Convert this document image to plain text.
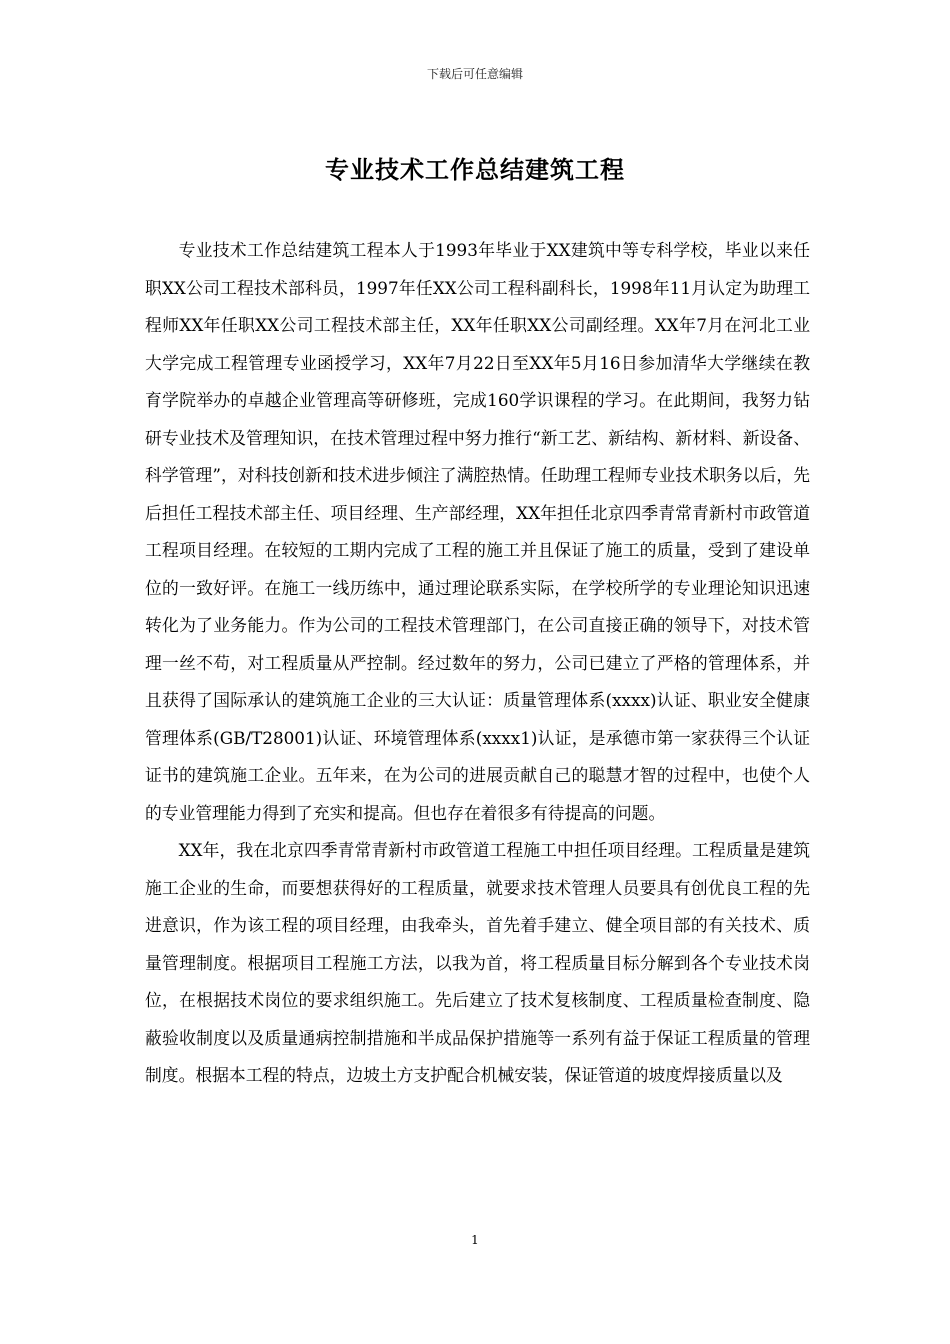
下载后可任意编辑
专业技术工作总结建筑工程

专业技术工作总结建筑工程本人于1993年毕业于XX建筑中等专科学校，毕业以来任职XX公司工程技术部科员，1997年任XX公司工程科副科长，1998年11月认定为助理工程师XX年任职XX公司工程技术部主任，XX年任职XX公司副经理。XX年7月在河北工业大学完成工程管理专业函授学习，XX年7月22日至XX年5月16日参加清华大学继续在教育学院举办的卓越企业管理高等研修班，完成160学识课程的学习。在此期间，我努力钻研专业技术及管理知识，在技术管理过程中努力推行“新工艺、新结构、新材料、新设备、科学管理”，对科技创新和技术进步倾注了满腔热情。任助理工程师专业技术职务以后，先后担任工程技术部主任、项目经理、生产部经理，XX年担任北京四季青常青新村市政管道工程项目经理。在较短的工期内完成了工程的施工并且保证了施工的质量，受到了建设单位的一致好评。在施工一线历练中，通过理论联系实际，在学校所学的专业理论知识迅速转化为了业务能力。作为公司的工程技术管理部门，在公司直接正确的领导下，对技术管理一丝不苟，对工程质量从严控制。经过数年的努力，公司已建立了严格的管理体系，并且获得了国际承认的建筑施工企业的三大认证：质量管理体系(xxxx)认证、职业安全健康管理体系(GB/T28001)认证、环境管理体系(xxxx1)认证，是承德市第一家获得三个认证证书的建筑施工企业。五年来，在为公司的进展贡献自己的聪慧才智的过程中，也使个人的专业管理能力得到了充实和提高。但也存在着很多有待提高的问题。

XX年，我在北京四季青常青新村市政管道工程施工中担任项目经理。工程质量是建筑施工企业的生命，而要想获得好的工程质量，就要求技术管理人员要具有创优良工程的先进意识，作为该工程的项目经理，由我牵头，首先着手建立、健全项目部的有关技术、质量管理制度。根据项目工程施工方法，以我为首，将工程质量目标分解到各个专业技术岗位，在根据技术岗位的要求组织施工。先后建立了技术复核制度、工程质量检查制度、隐蔽验收制度以及质量通病控制措施和半成品保护措施等一系列有益于保证工程质量的管理制度。根据本工程的特点，边坡土方支护配合机械安装，保证管道的坡度焊接质量以及

1
